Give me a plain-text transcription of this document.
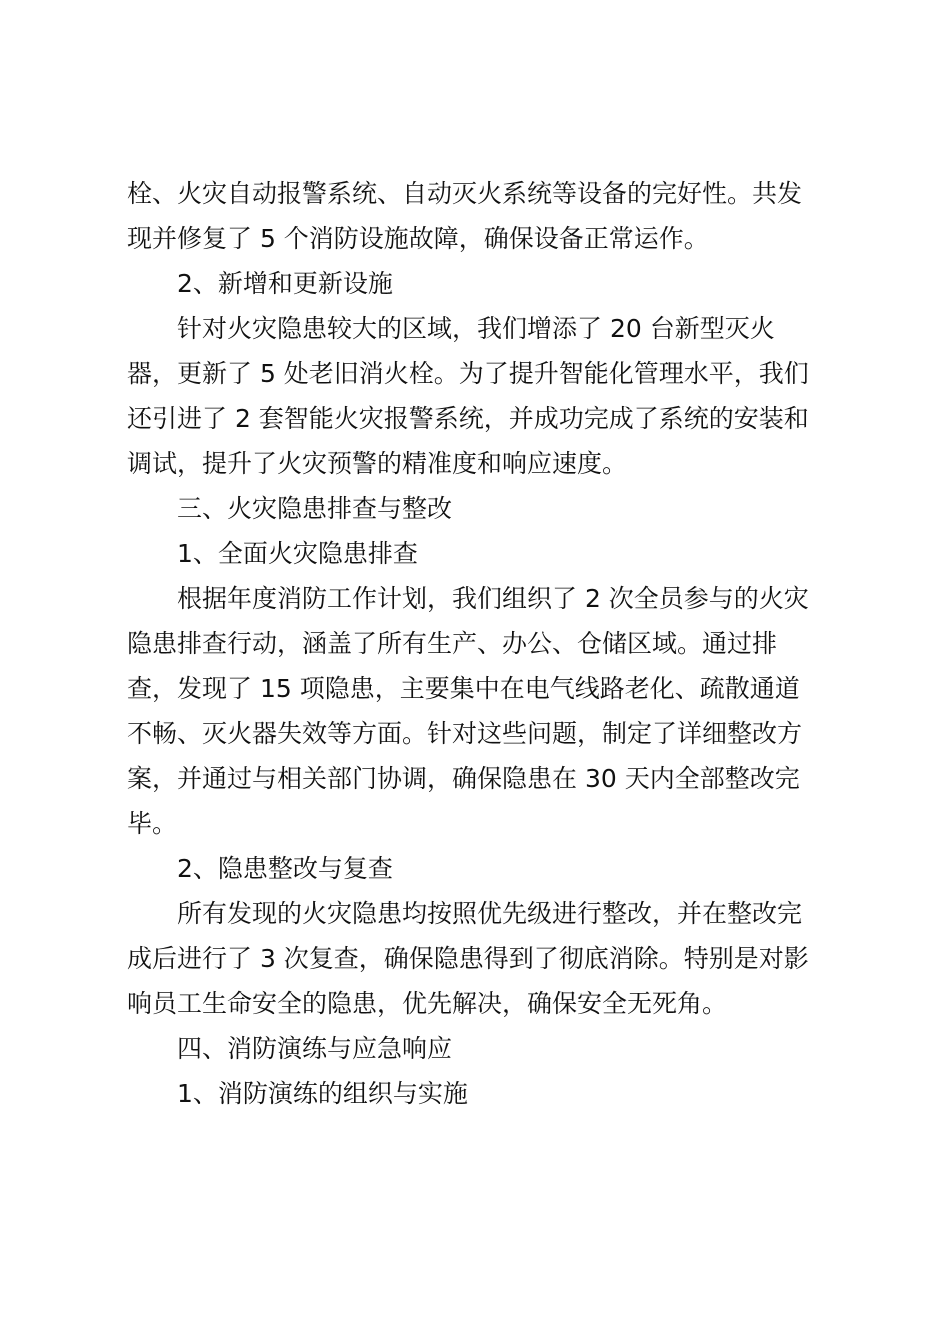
栓、火灾自动报警系统、自动灭火系统等设备的完好性。共发
现并修复了 5 个消防设施故障，确保设备正常运作。
2、新增和更新设施
针对火灾隐患较大的区域，我们增添了 20 台新型灭火
器，更新了 5 处老旧消火栓。为了提升智能化管理水平，我们
还引进了 2 套智能火灾报警系统，并成功完成了系统的安装和
调试，提升了火灾预警的精准度和响应速度。
三、火灾隐患排查与整改
1、全面火灾隐患排查
根据年度消防工作计划，我们组织了 2 次全员参与的火灾
隐患排查行动，涵盖了所有生产、办公、仓储区域。通过排
查，发现了 15 项隐患，主要集中在电气线路老化、疏散通道
不畅、灭火器失效等方面。针对这些问题，制定了详细整改方
案，并通过与相关部门协调，确保隐患在 30 天内全部整改完
毕。
2、隐患整改与复查
所有发现的火灾隐患均按照优先级进行整改，并在整改完
成后进行了 3 次复查，确保隐患得到了彻底消除。特别是对影
响员工生命安全的隐患，优先解决，确保安全无死角。
四、消防演练与应急响应
1、消防演练的组织与实施
